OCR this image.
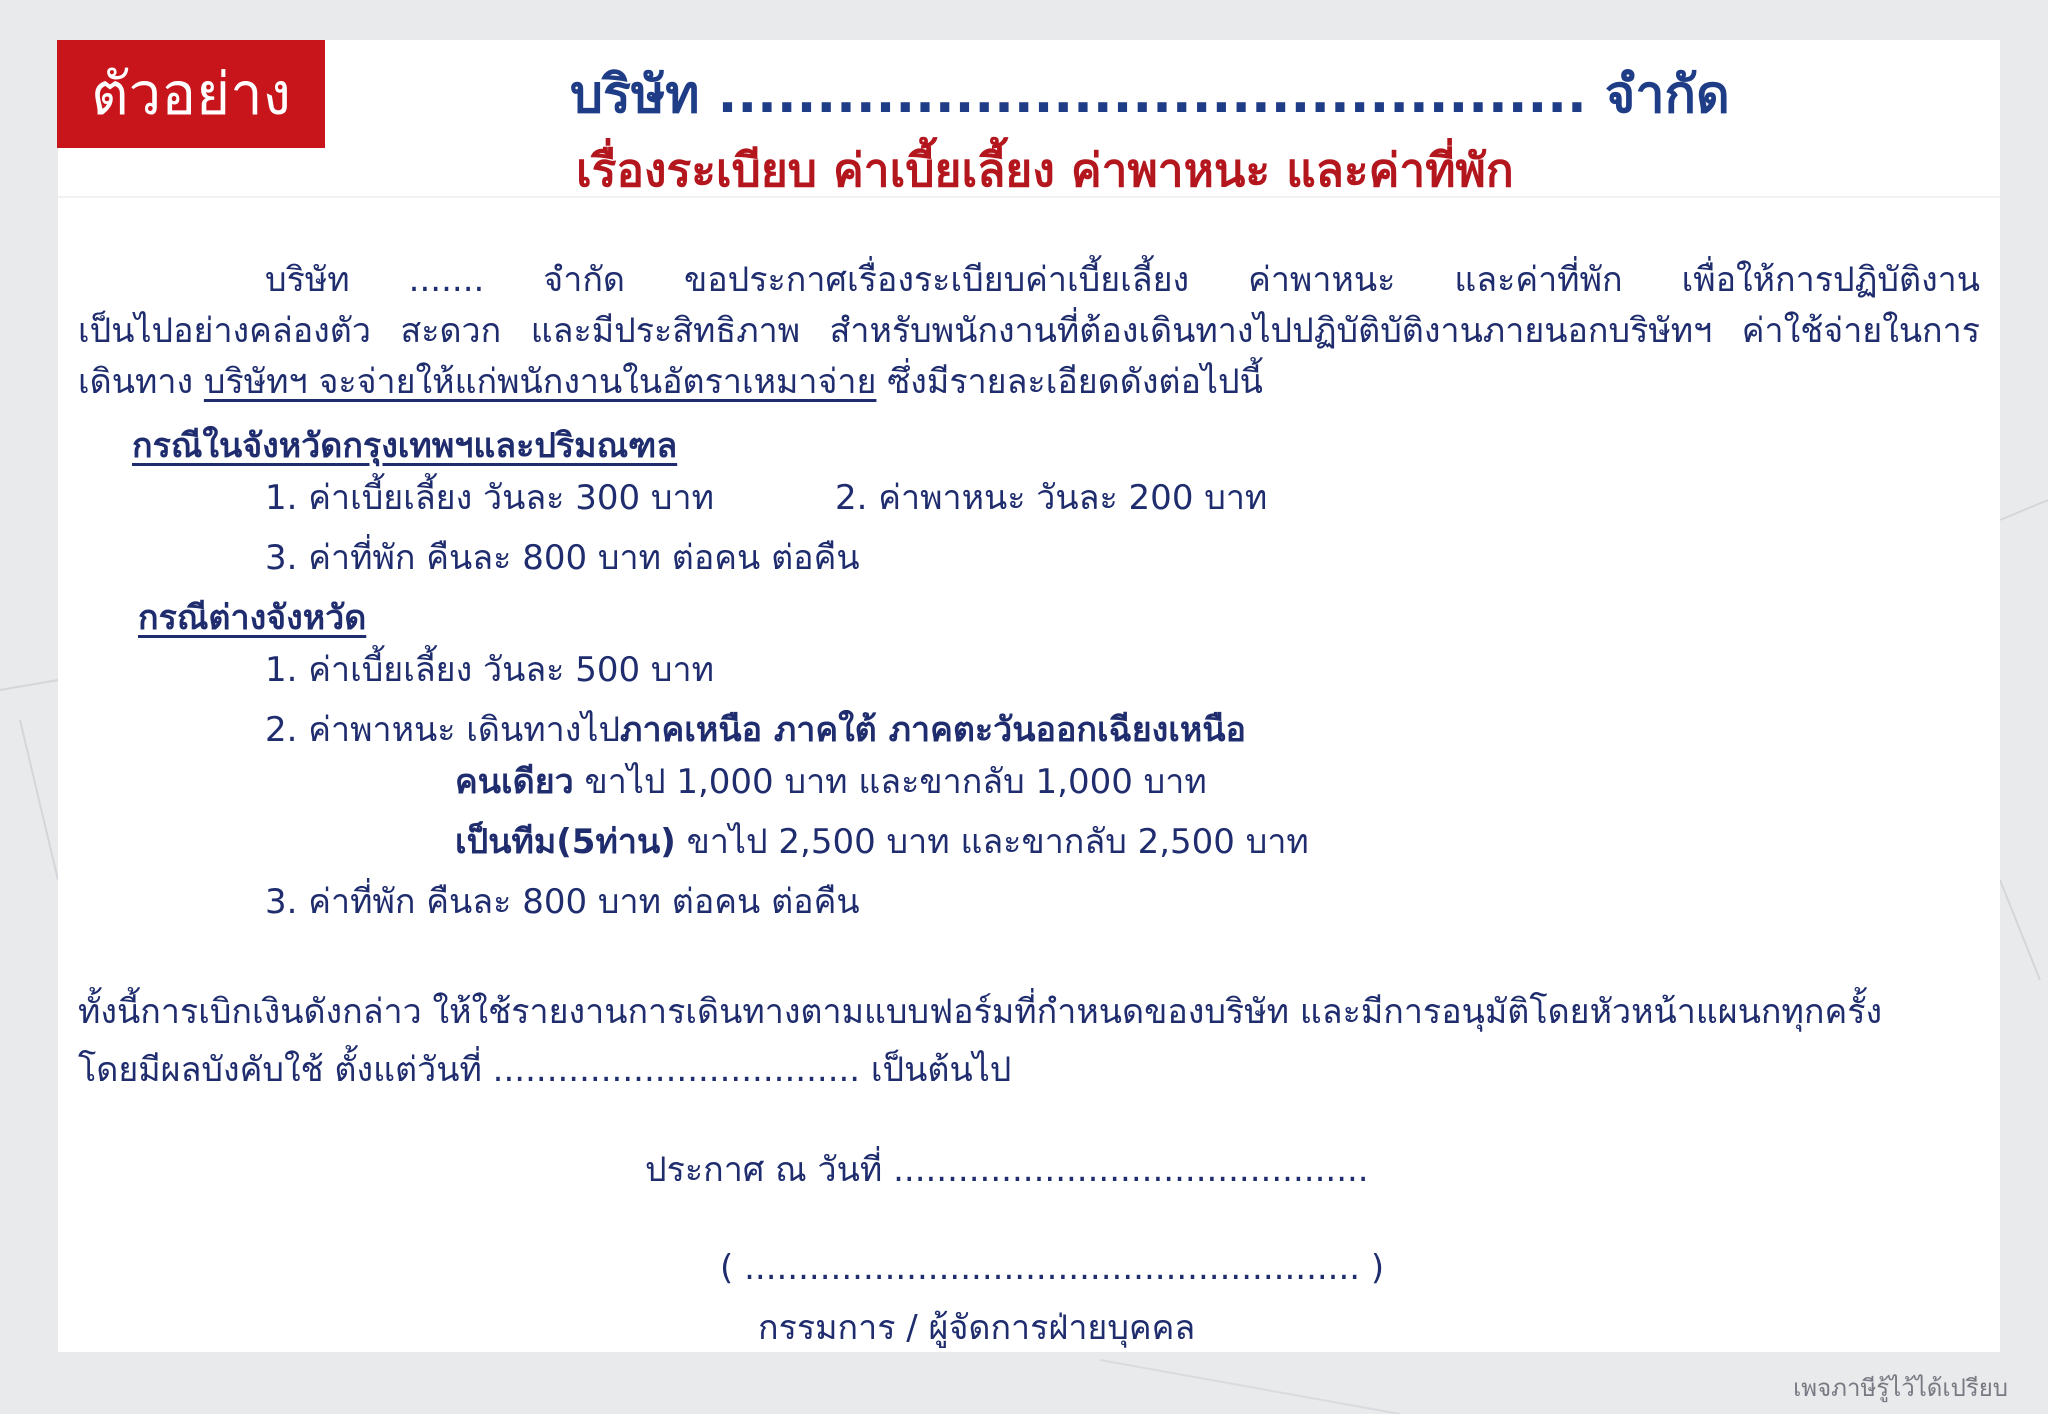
ตัวอย่าง	บริษัท ............................................ จำกัด
เรื่องระเบียบ ค่าเบี้ยเลี้ยง ค่าพาหนะ และค่าที่พัก
บริษัท ....... จำกัด ขอประกาศเรื่องระเบียบค่าเบี้ยเลี้ยง ค่าพาหนะ และค่าที่พัก เพื่อให้การปฏิบัติงาน
เป็นไปอย่างคล่องตัว สะดวก และมีประสิทธิภาพ สำหรับพนักงานที่ต้องเดินทางไปปฏิบัติบัติงานภายนอกบริษัทฯ ค่าใช้จ่ายในการ
เดินทาง บริษัทฯ จะจ่ายให้แก่พนักงานในอัตราเหมาจ่าย ซึ่งมีรายละเอียดดังต่อไปนี้
กรณีในจังหวัดกรุงเทพฯและปริมณฑล
1. ค่าเบี้ยเลี้ยง วันละ 300 บาท	2. ค่าพาหนะ วันละ 200 บาท
3. ค่าที่พัก คืนละ 800 บาท ต่อคน ต่อคืน
กรณีต่างจังหวัด
1. ค่าเบี้ยเลี้ยง วันละ 500 บาท
2. ค่าพาหนะ เดินทางไปภาคเหนือ ภาคใต้ ภาคตะวันออกเฉียงเหนือ
คนเดียว ขาไป 1,000 บาท และขากลับ 1,000 บาท
เป็นทีม(5ท่าน) ขาไป 2,500 บาท และขากลับ 2,500 บาท
3. ค่าที่พัก คืนละ 800 บาท ต่อคน ต่อคืน
ทั้งนี้การเบิกเงินดังกล่าว ให้ใช้รายงานการเดินทางตามแบบฟอร์มที่กำหนดของบริษัท และมีการอนุมัติโดยหัวหน้าแผนกทุกครั้ง
โดยมีผลบังคับใช้ ตั้งแต่วันที่ .................................. เป็นต้นไป
ประกาศ ณ วันที่ ............................................
( ......................................................... )
กรรมการ / ผู้จัดการฝ่ายบุคคล
เพจภาษีรู้ไว้ได้เปรียบ
